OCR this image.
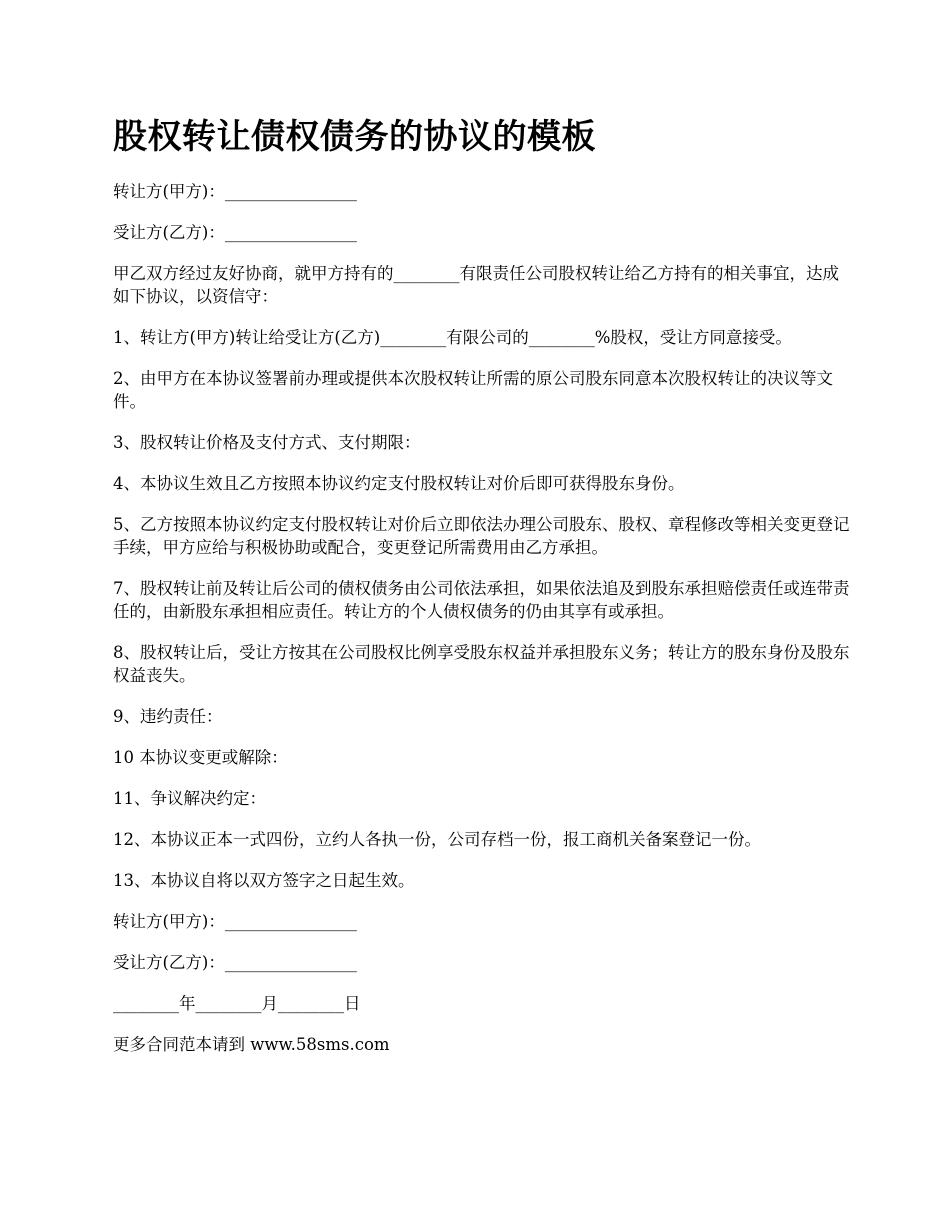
股权转让债权债务的协议的模板

转让方(甲方)：________________

受让方(乙方)：________________

甲乙双方经过友好协商，就甲方持有的________有限责任公司股权转让给乙方持有的相关事宜，达成如下协议，以资信守：

1、转让方(甲方)转让给受让方(乙方)________有限公司的________%股权，受让方同意接受。

2、由甲方在本协议签署前办理或提供本次股权转让所需的原公司股东同意本次股权转让的决议等文件。

3、股权转让价格及支付方式、支付期限：

4、本协议生效且乙方按照本协议约定支付股权转让对价后即可获得股东身份。

5、乙方按照本协议约定支付股权转让对价后立即依法办理公司股东、股权、章程修改等相关变更登记手续，甲方应给与积极协助或配合，变更登记所需费用由乙方承担。

7、股权转让前及转让后公司的债权债务由公司依法承担，如果依法追及到股东承担赔偿责任或连带责任的，由新股东承担相应责任。转让方的个人债权债务的仍由其享有或承担。

8、股权转让后，受让方按其在公司股权比例享受股东权益并承担股东义务；转让方的股东身份及股东权益丧失。

9、违约责任：

10 本协议变更或解除：

11、争议解决约定：

12、本协议正本一式四份，立约人各执一份，公司存档一份，报工商机关备案登记一份。

13、本协议自将以双方签字之日起生效。

转让方(甲方)：________________

受让方(乙方)：________________

________年________月________日

更多合同范本请到 www.58sms.com
